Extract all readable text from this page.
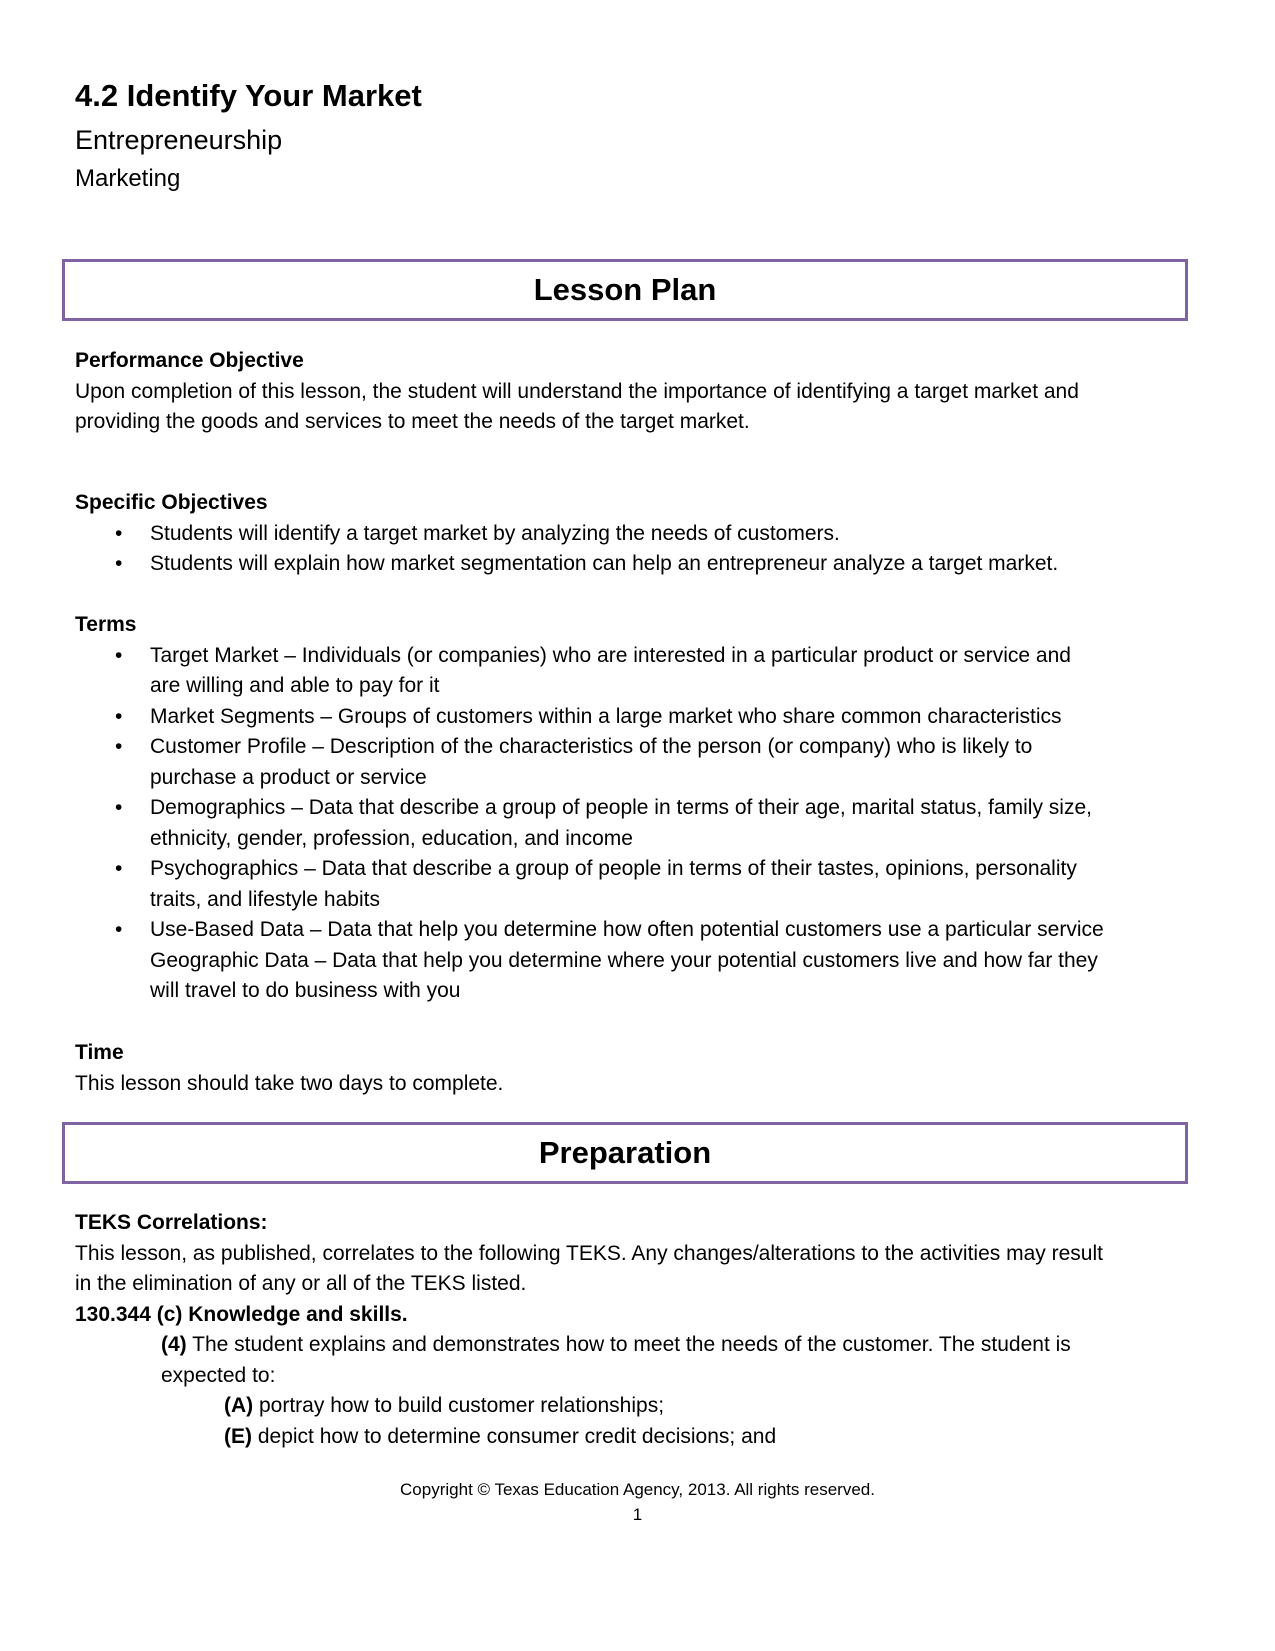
4.2 Identify Your Market
Entrepreneurship
Marketing
Lesson Plan
Performance Objective
Upon completion of this lesson, the student will understand the importance of identifying a target market and
providing the goods and services to meet the needs of the target market.
Specific Objectives
• Students will identify a target market by analyzing the needs of customers.
• Students will explain how market segmentation can help an entrepreneur analyze a target market.
Terms
• Target Market – Individuals (or companies) who are interested in a particular product or service and
are willing and able to pay for it
• Market Segments – Groups of customers within a large market who share common characteristics
• Customer Profile – Description of the characteristics of the person (or company) who is likely to
purchase a product or service
• Demographics – Data that describe a group of people in terms of their age, marital status, family size,
ethnicity, gender, profession, education, and income
• Psychographics – Data that describe a group of people in terms of their tastes, opinions, personality
traits, and lifestyle habits
• Use-Based Data – Data that help you determine how often potential customers use a particular service
Geographic Data – Data that help you determine where your potential customers live and how far they
will travel to do business with you
Time
This lesson should take two days to complete.
Preparation
TEKS Correlations:
This lesson, as published, correlates to the following TEKS. Any changes/alterations to the activities may result
in the elimination of any or all of the TEKS listed.
130.344 (c) Knowledge and skills.
(4) The student explains and demonstrates how to meet the needs of the customer. The student is
expected to:
(A) portray how to build customer relationships;
(E) depict how to determine consumer credit decisions; and
Copyright © Texas Education Agency, 2013. All rights reserved.
1
